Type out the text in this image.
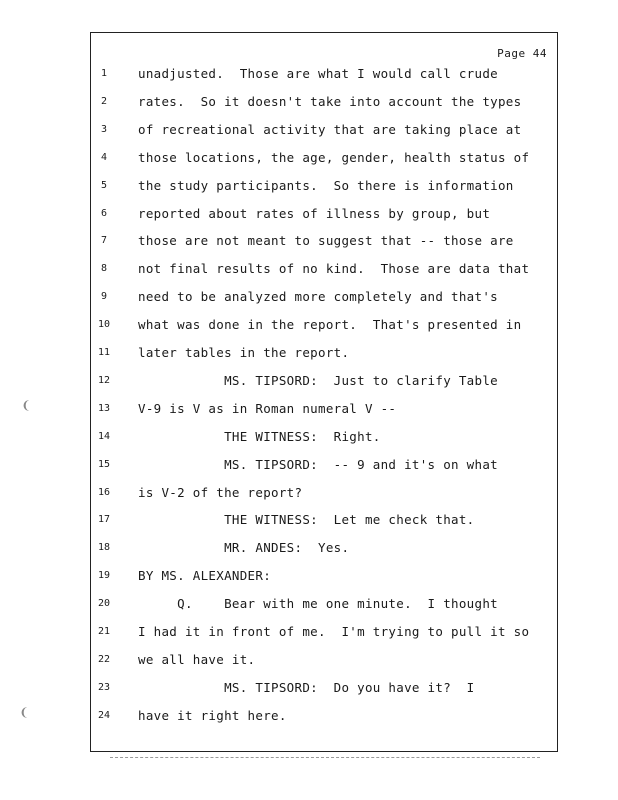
Page 44
1	unadjusted.  Those are what I would call crude
2	rates.  So it doesn't take into account the types
3	of recreational activity that are taking place at
4	those locations, the age, gender, health status of
5	the study participants.  So there is information
6	reported about rates of illness by group, but
7	those are not meant to suggest that -- those are
8	not final results of no kind.  Those are data that
9	need to be analyzed more completely and that's
10	what was done in the report.  That's presented in
11	later tables in the report.
12	MS. TIPSORD:  Just to clarify Table
13	V-9 is V as in Roman numeral V --
14	THE WITNESS:  Right.
15	MS. TIPSORD:  -- 9 and it's on what
16	is V-2 of the report?
17	THE WITNESS:  Let me check that.
18	MR. ANDES:  Yes.
19	BY MS. ALEXANDER:
20	Q.    Bear with me one minute.  I thought
21	I had it in front of me.  I'm trying to pull it so
22	we all have it.
23	MS. TIPSORD:  Do you have it?  I
24	have it right here.
❨
❨
